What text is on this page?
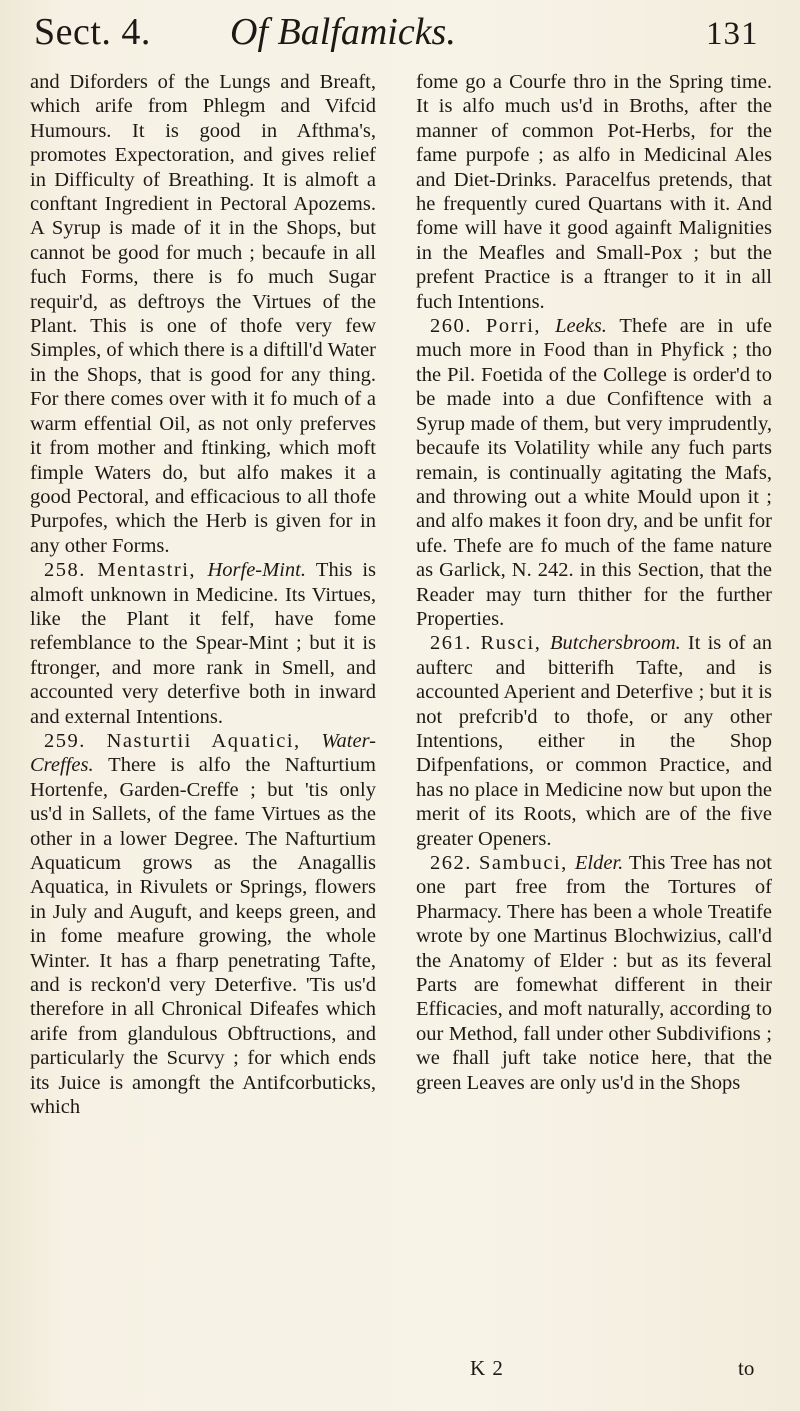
Sect. 4. Of Balfamicks.	131

and Diforders of the Lungs and Breaft, which arife from Phlegm and Vifcid Humours. It is good in Afthma's, promotes Expectoration, and gives relief in Difficulty of Breathing. It is almoft a conftant Ingredient in Pectoral Apozems. A Syrup is made of it in the Shops, but cannot be good for much ; becaufe in all fuch Forms, there is fo much Sugar requir'd, as deftroys the Virtues of the Plant. This is one of thofe very few Simples, of which there is a diftill'd Water in the Shops, that is good for any thing. For there comes over with it fo much of a warm effential Oil, as not only preferves it from mother and ftinking, which moft fimple Waters do, but alfo makes it a good Pectoral, and efficacious to all thofe Purpofes, which the Herb is given for in any other Forms.

258. Mentastri, Horfe-Mint. This is almoft unknown in Medicine. Its Virtues, like the Plant it felf, have fome refemblance to the Spear-Mint ; but it is ftronger, and more rank in Smell, and accounted very deterfive both in inward and external Intentions.

259. Nasturtii Aquatici, Water-Creffes. There is alfo the Nafturtium Hortenfe, Garden-Creffe ; but 'tis only us'd in Sallets, of the fame Virtues as the other in a lower Degree. The Nafturtium Aquaticum grows as the Anagallis Aquatica, in Rivulets or Springs, flowers in July and Auguft, and keeps green, and in fome meafure growing, the whole Winter. It has a fharp penetrating Tafte, and is reckon'd very Deterfive. 'Tis us'd therefore in all Chronical Difeafes which arife from glandulous Obftructions, and particularly the Scurvy ; for which ends its Juice is amongft the Antifcorbuticks, which

fome go a Courfe thro in the Spring time. It is alfo much us'd in Broths, after the manner of common Pot-Herbs, for the fame purpofe ; as alfo in Medicinal Ales and Diet-Drinks. Paracelfus pretends, that he frequently cured Quartans with it. And fome will have it good againft Malignities in the Meafles and Small-Pox ; but the prefent Practice is a ftranger to it in all fuch Intentions.

260. Porri, Leeks. Thefe are in ufe much more in Food than in Phyfick ; tho the Pil. Foetida of the College is order'd to be made into a due Confiftence with a Syrup made of them, but very imprudently, becaufe its Volatility while any fuch parts remain, is continually agitating the Mafs, and throwing out a white Mould upon it ; and alfo makes it foon dry, and be unfit for ufe. Thefe are fo much of the fame nature as Garlick, N. 242. in this Section, that the Reader may turn thither for the further Properties.

261. Rusci, Butchersbroom. It is of an aufterc and bitterifh Tafte, and is accounted Aperient and Deterfive ; but it is not prefcrib'd to thofe, or any other Intentions, either in the Shop Difpenfations, or common Practice, and has no place in Medicine now but upon the merit of its Roots, which are of the five greater Openers.

262. Sambuci, Elder. This Tree has not one part free from the Tortures of Pharmacy. There has been a whole Treatife wrote by one Martinus Blochwizius, call'd the Anatomy of Elder : but as its feveral Parts are fomewhat different in their Efficacies, and moft naturally, according to our Method, fall under other Subdivifions ; we fhall juft take notice here, that the green Leaves are only us'd in the Shops

K 2	to
